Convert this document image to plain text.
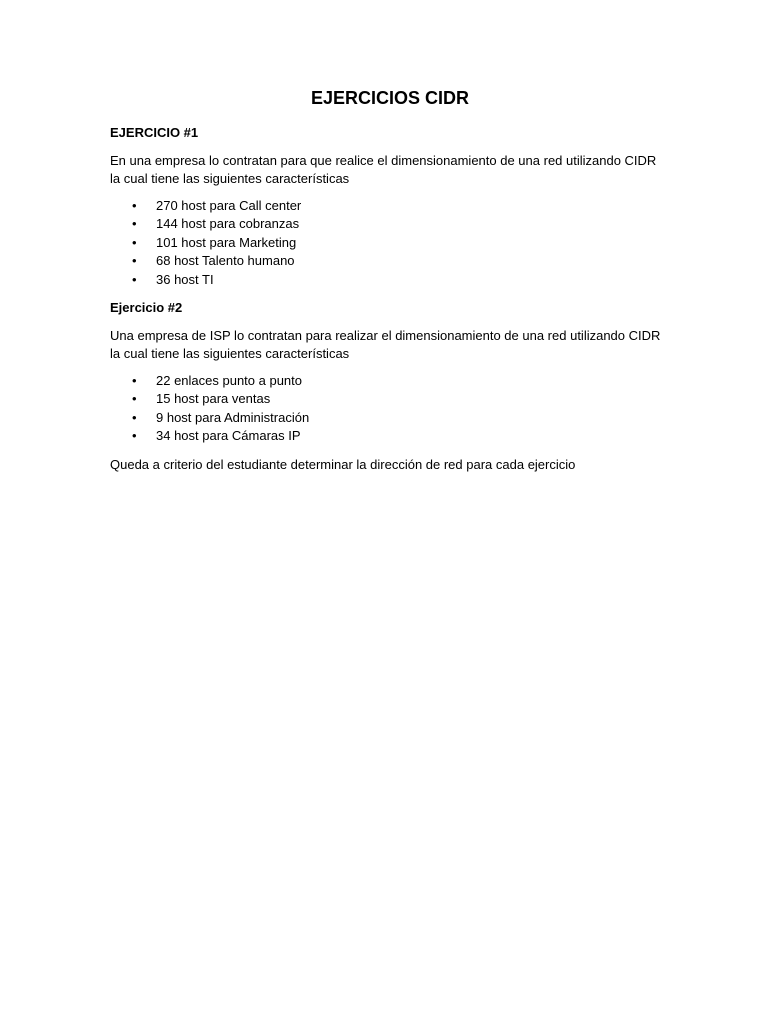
EJERCICIOS CIDR
EJERCICIO #1

En una empresa lo contratan para que realice el dimensionamiento de una red utilizando CIDR la cual tiene las siguientes características

• 270 host para Call center
• 144 host para cobranzas
• 101 host para Marketing
• 68 host Talento humano
• 36 host TI
Ejercicio #2

Una empresa de ISP lo contratan para realizar el dimensionamiento de una red utilizando CIDR la cual tiene las siguientes características

• 22 enlaces punto a punto
• 15 host para ventas
• 9 host para Administración
• 34 host para Cámaras IP

Queda a criterio del estudiante determinar la dirección de red para cada ejercicio
